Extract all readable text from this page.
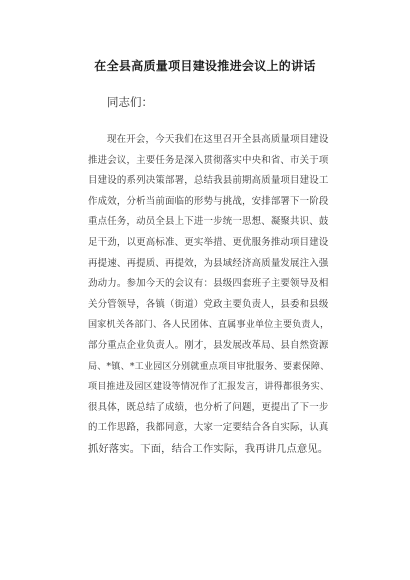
在全县高质量项目建设推进会议上的讲话
同志们：
现在开会，今天我们在这里召开全县高质量项目建设
推进会议，主要任务是深入贯彻落实中央和省、市关于项
目建设的系列决策部署，总结我县前期高质量项目建设工
作成效，分析当前面临的形势与挑战，安排部署下一阶段
重点任务，动员全县上下进一步统一思想、凝聚共识、鼓
足干劲，以更高标准、更实举措、更优服务推动项目建设
再提速、再提质、再提效，为县域经济高质量发展注入强
劲动力。参加今天的会议有：县级四套班子主要领导及相
关分管领导，各镇（街道）党政主要负责人，县委和县级
国家机关各部门、各人民团体、直属事业单位主要负责人，
部分重点企业负责人。刚才，县发展改革局、县自然资源
局、*镇、*工业园区分别就重点项目审批服务、要素保障、
项目推进及园区建设等情况作了汇报发言，讲得都很务实、
很具体，既总结了成绩，也分析了问题，更提出了下一步
的工作思路，我都同意，大家一定要结合各自实际，认真
抓好落实。下面，结合工作实际，我再讲几点意见。
